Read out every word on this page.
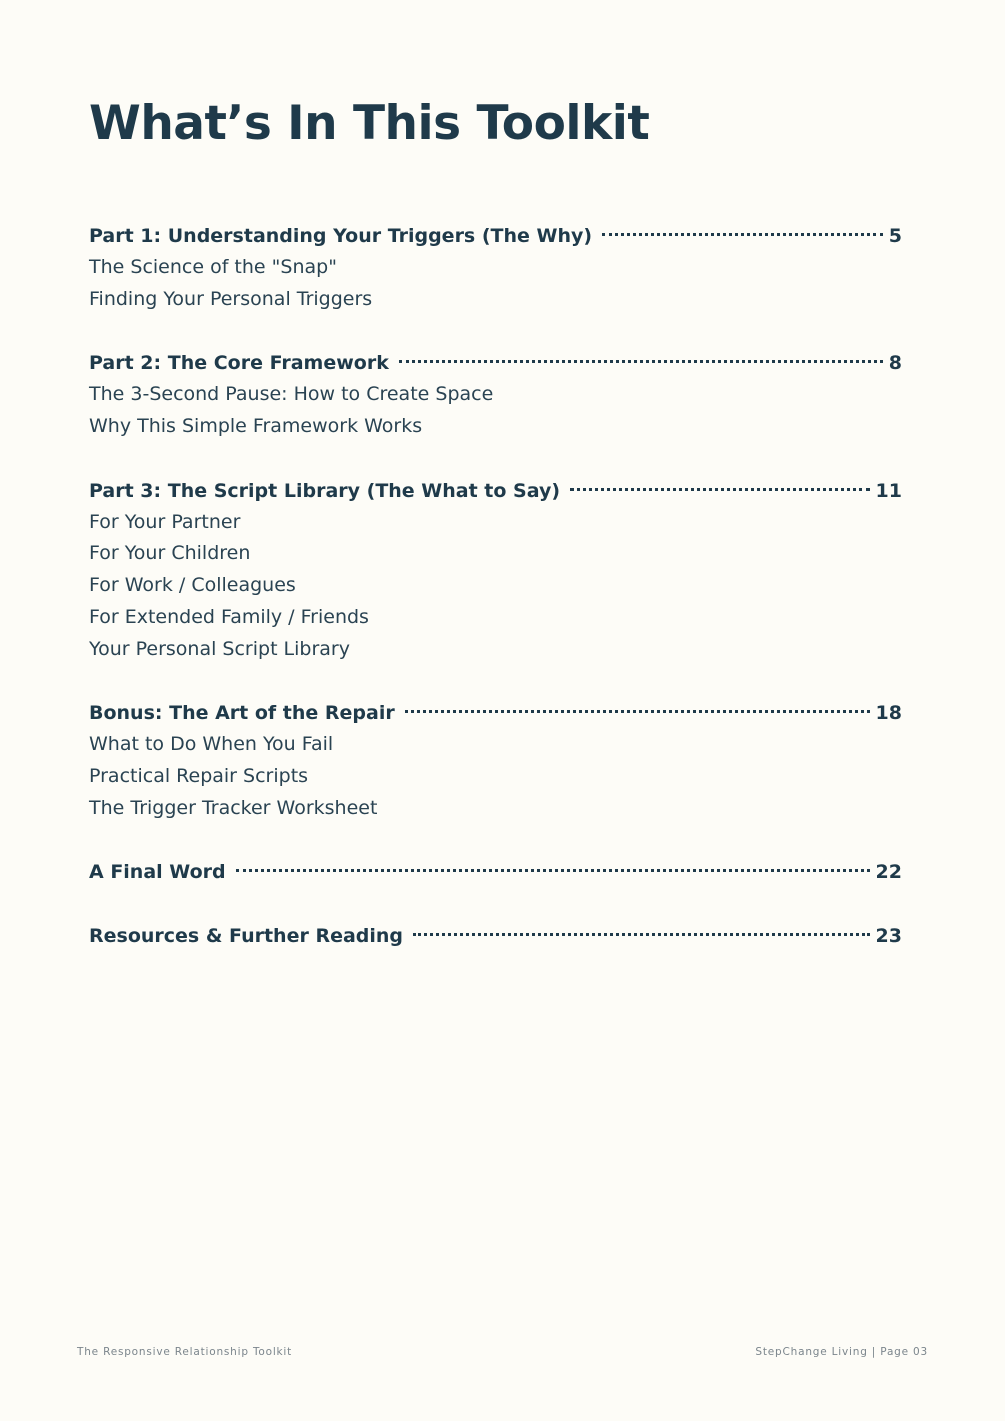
What’s In This Toolkit
Part 1: Understanding Your Triggers (The Why)	5
The Science of the "Snap"
Finding Your Personal Triggers
Part 2: The Core Framework	8
The 3-Second Pause: How to Create Space
Why This Simple Framework Works
Part 3: The Script Library (The What to Say)	11
For Your Partner
For Your Children
For Work / Colleagues
For Extended Family / Friends
Your Personal Script Library
Bonus: The Art of the Repair	18
What to Do When You Fail
Practical Repair Scripts
The Trigger Tracker Worksheet
A Final Word	22
Resources & Further Reading	23
The Responsive Relationship Toolkit	StepChange Living | Page 03
